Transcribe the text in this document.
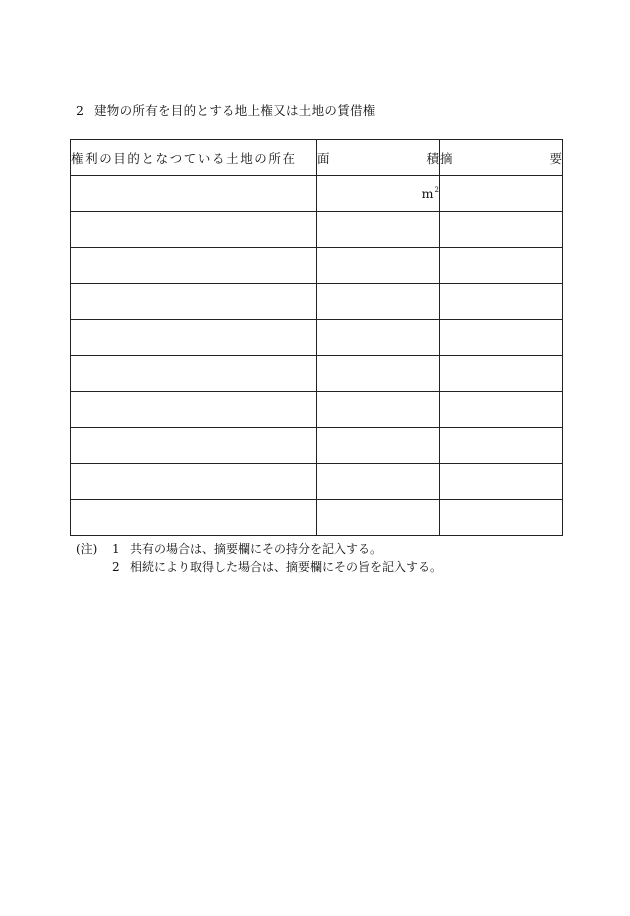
2 建物の所有を目的とする地上権又は土地の賃借権
権利の目的となつている土地の所在	面 積	摘 要

	$m^2$	

(注)	1 共有の場合は、摘要欄にその持分を記入する。
2 相続により取得した場合は、摘要欄にその旨を記入する。
